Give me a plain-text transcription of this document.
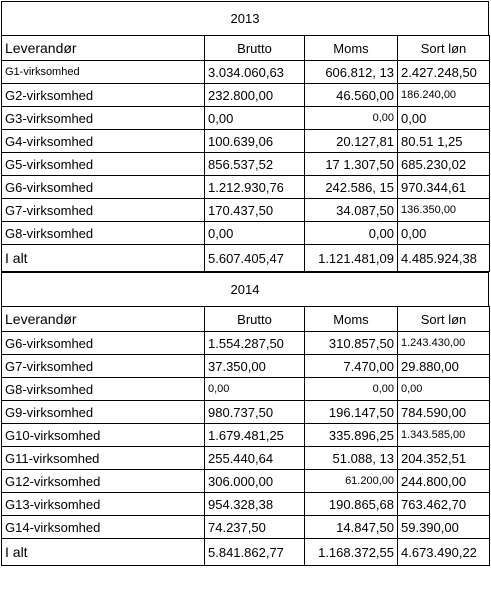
2013
Leverandør	Brutto	Moms	Sort løn
G1-virksomhed	3.034.060,63	606.812, 13	2.427.248,50
G2-virksomhed	232.800,00	46.560,00	186.240,00
G3-virksomhed	0,00	0,00	0,00
G4-virksomhed	100.639,06	20.127,81	80.51 1,25
G5-virksomhed	856.537,52	17 1.307,50	685.230,02
G6-virksomhed	1.212.930,76	242.586, 15	970.344,61
G7-virksomhed	170.437,50	34.087,50	136.350,00
G8-virksomhed	0,00	0,00	0,00
I alt	5.607.405,47	1.121.481,09	4.485.924,38
2014
Leverandør	Brutto	Moms	Sort løn
G6-virksomhed	1.554.287,50	310.857,50	1.243.430,00
G7-virksomhed	37.350,00	7.470,00	29.880,00
G8-virksomhed	0,00	0,00	0,00
G9-virksomhed	980.737,50	196.147,50	784.590,00
G10-virksomhed	1.679.481,25	335.896,25	1.343.585,00
G11-virksomhed	255.440,64	51.088, 13	204.352,51
G12-virksomhed	306.000,00	61.200,00	244.800,00
G13-virksomhed	954.328,38	190.865,68	763.462,70
G14-virksomhed	74.237,50	14.847,50	59.390,00
I alt	5.841.862,77	1.168.372,55	4.673.490,22
